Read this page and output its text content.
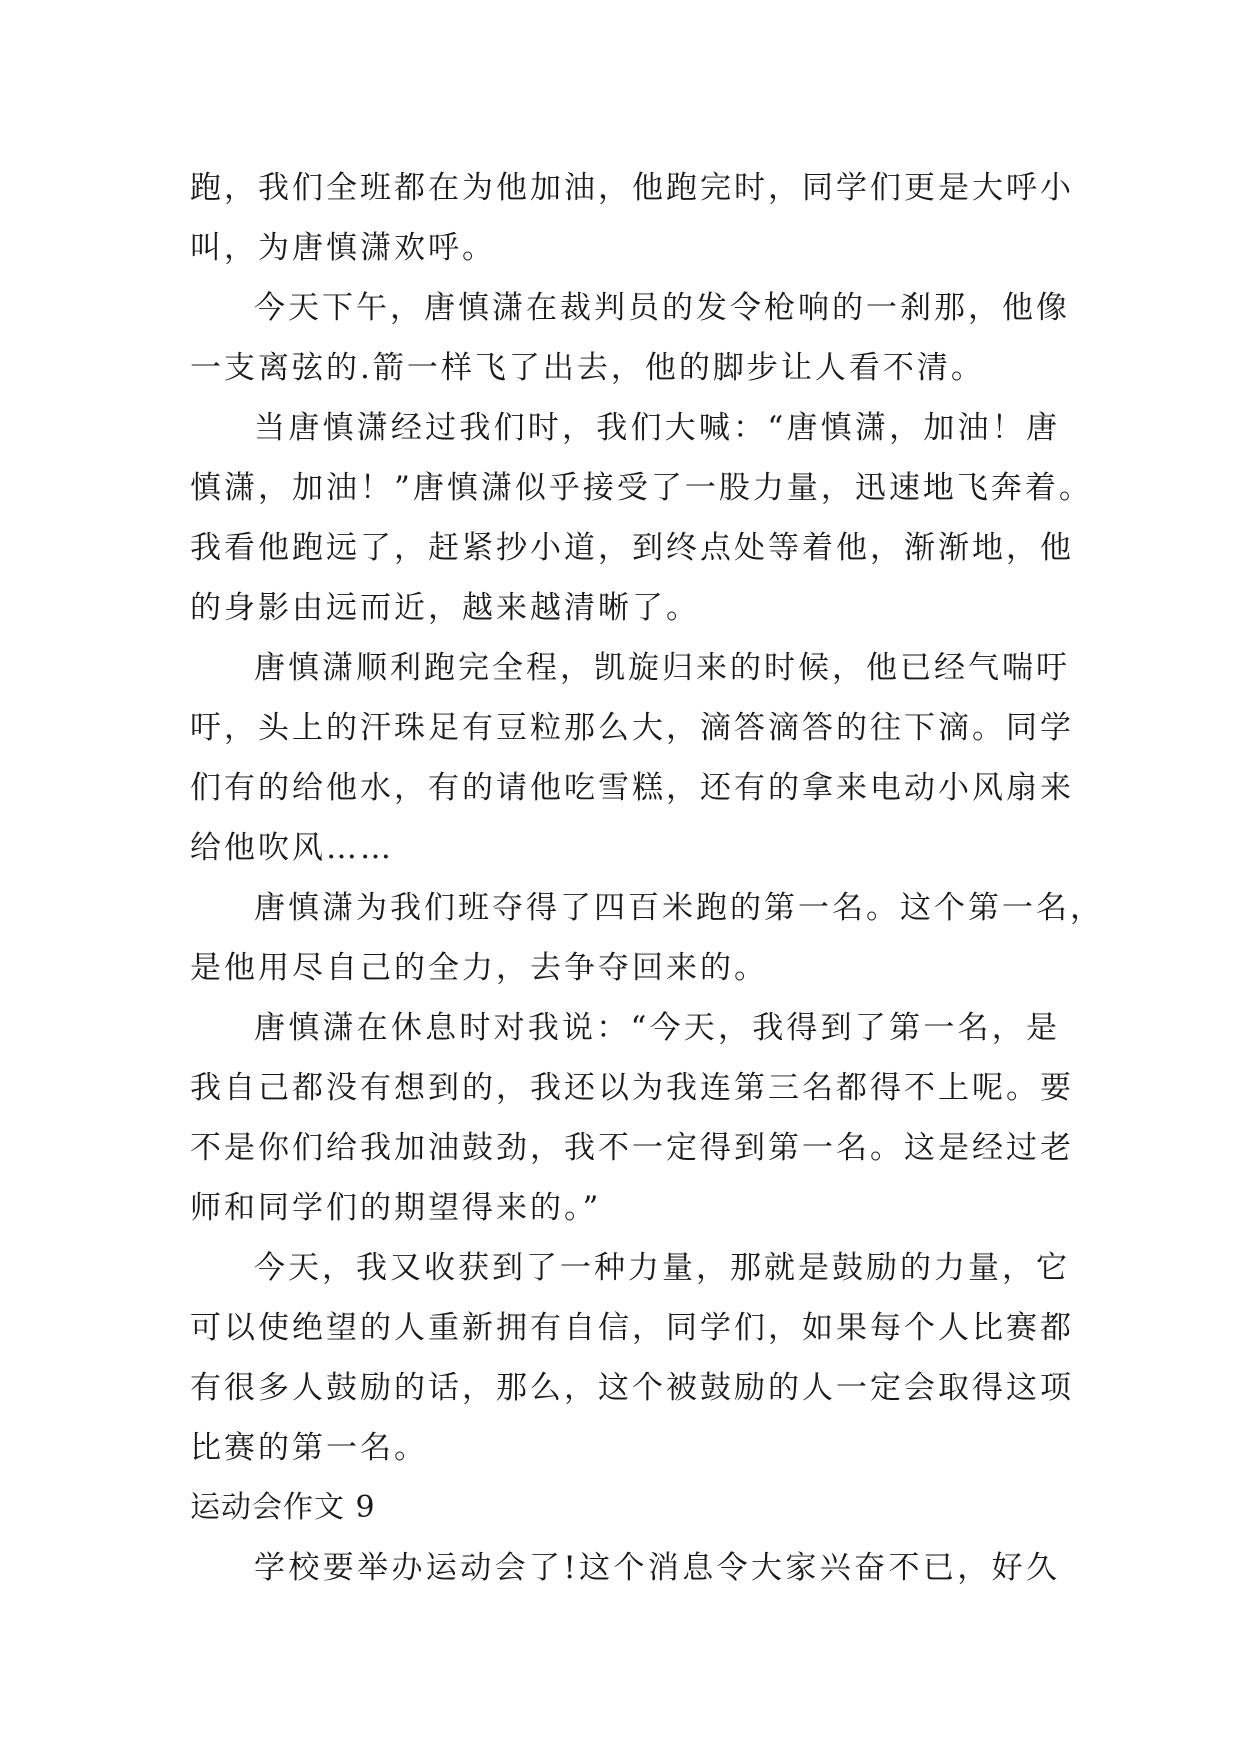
跑，我们全班都在为他加油，他跑完时，同学们更是大呼小
叫，为唐慎潇欢呼。
今天下午，唐慎潇在裁判员的发令枪响的一刹那，他像
一支离弦的.箭一样飞了出去，他的脚步让人看不清。
当唐慎潇经过我们时，我们大喊：“唐慎潇，加油！唐
慎潇，加油！”唐慎潇似乎接受了一股力量，迅速地飞奔着。
我看他跑远了，赶紧抄小道，到终点处等着他，渐渐地，他
的身影由远而近，越来越清晰了。
唐慎潇顺利跑完全程，凯旋归来的时候，他已经气喘吁
吁，头上的汗珠足有豆粒那么大，滴答滴答的往下滴。同学
们有的给他水，有的请他吃雪糕，还有的拿来电动小风扇来
给他吹风……
唐慎潇为我们班夺得了四百米跑的第一名。这个第一名，
是他用尽自己的全力，去争夺回来的。
唐慎潇在休息时对我说：“今天，我得到了第一名，是
我自己都没有想到的，我还以为我连第三名都得不上呢。要
不是你们给我加油鼓劲，我不一定得到第一名。这是经过老
师和同学们的期望得来的。”
今天，我又收获到了一种力量，那就是鼓励的力量，它
可以使绝望的人重新拥有自信，同学们，如果每个人比赛都
有很多人鼓励的话，那么，这个被鼓励的人一定会取得这项
比赛的第一名。
运动会作文 9
学校要举办运动会了!这个消息令大家兴奋不已，好久
